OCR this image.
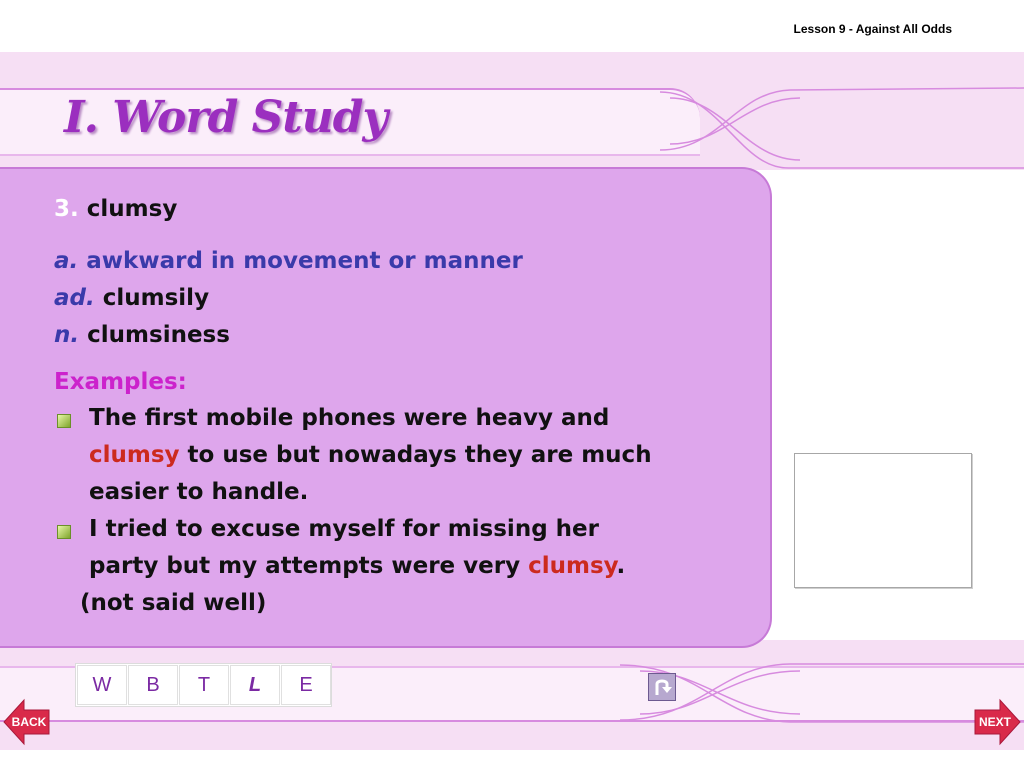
Lesson 9 - Against All Odds
I. Word Study
3. clumsy
a. awkward in movement or manner
ad. clumsily
n. clumsiness
Examples:
The first mobile phones were heavy and
clumsy to use but nowadays they are much
easier to handle.
I tried to excuse myself for missing her
party but my attempts were very clumsy.
(not said well)
W	B	T	L	E
BACK	NEXT
